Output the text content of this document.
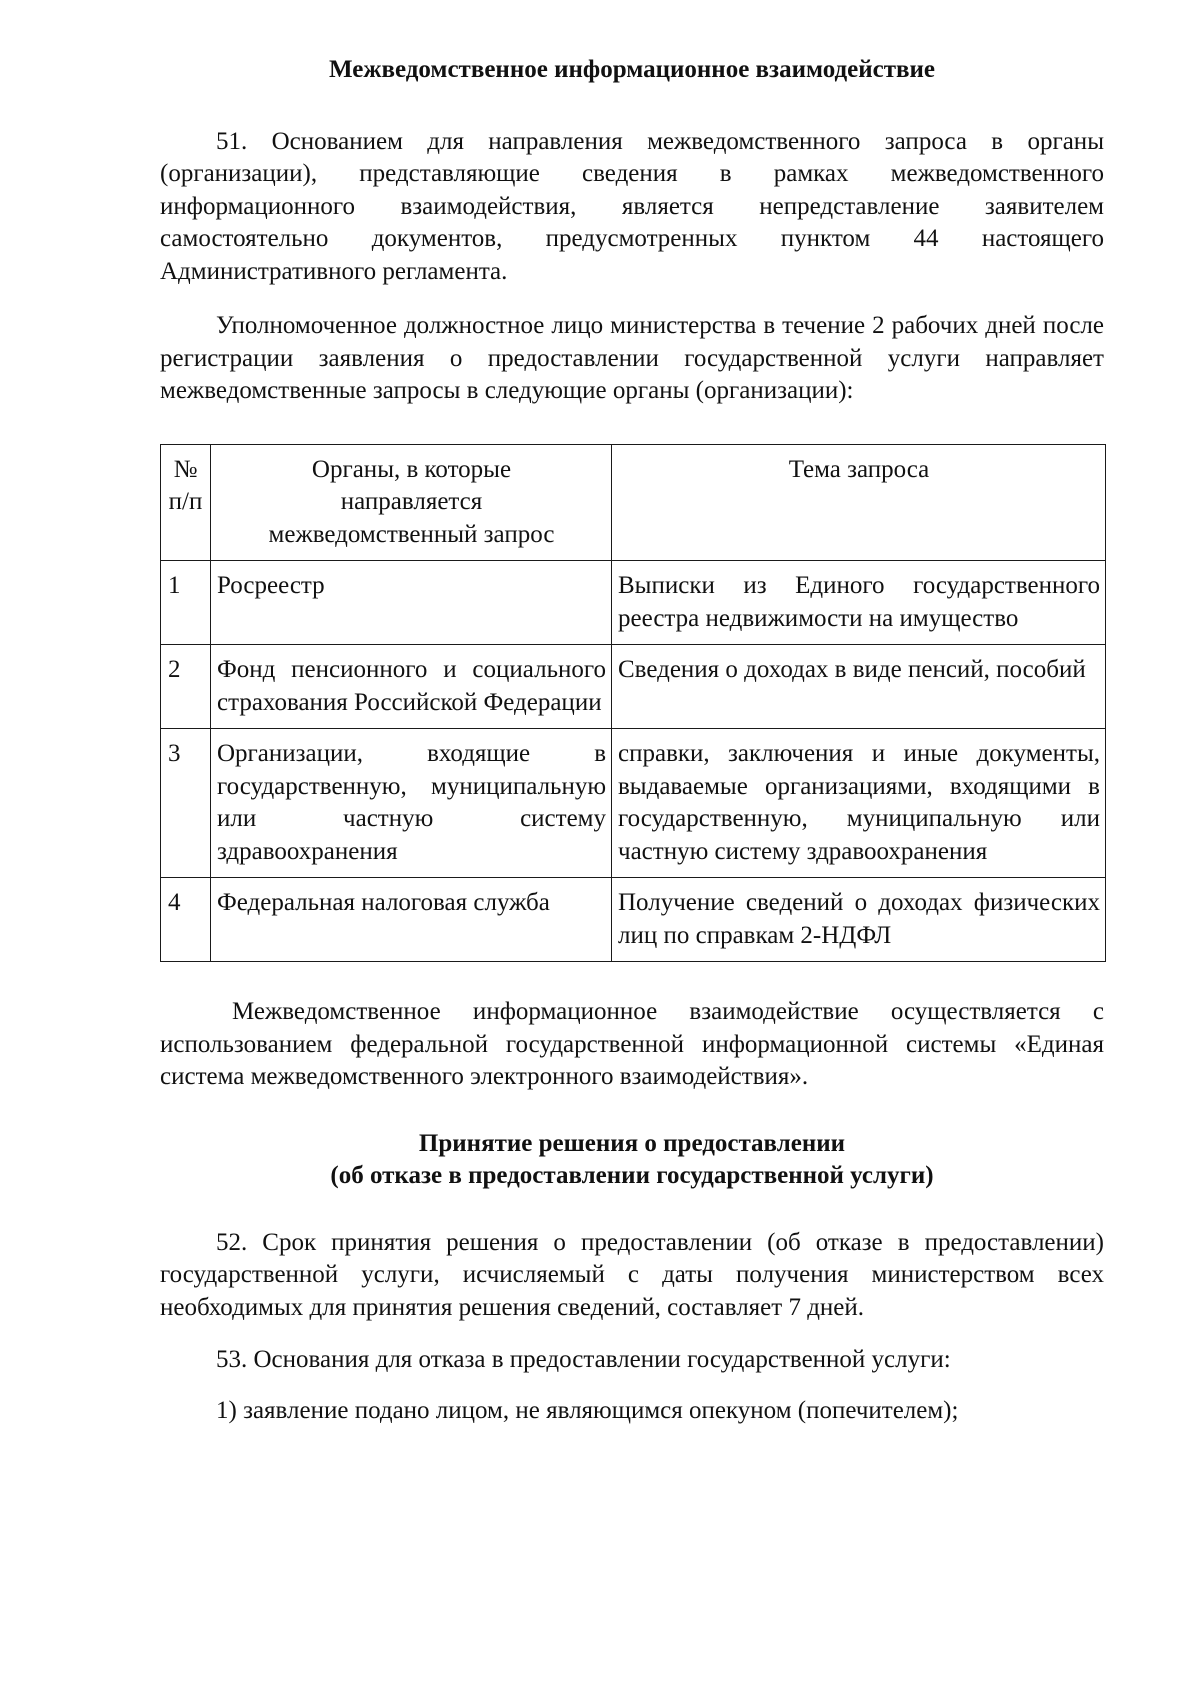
Межведомственное информационное взаимодействие

51. Основанием для направления межведомственного запроса в органы (организации), представляющие сведения в рамках межведомственного информационного взаимодействия, является непредставление заявителем самостоятельно документов, предусмотренных пунктом 44 настоящего Административного регламента.

Уполномоченное должностное лицо министерства в течение 2 рабочих дней после регистрации заявления о предоставлении государственной услуги направляет межведомственные запросы в следующие органы (организации):

№ п/п	Органы, в которые направляется межведомственный запрос	Тема запроса
1	Росреестр	Выписки из Единого государственного реестра недвижимости на имущество
2	Фонд пенсионного и социального страхования Российской Федерации	Сведения о доходах в виде пенсий, пособий
3	Организации, входящие в государственную, муниципальную или частную систему здравоохранения	справки, заключения и иные документы, выдаваемые организациями, входящими в государственную, муниципальную или частную систему здравоохранения
4	Федеральная налоговая служба	Получение сведений о доходах физических лиц по справкам 2-НДФЛ

Межведомственное информационное взаимодействие осуществляется с использованием федеральной государственной информационной системы «Единая система межведомственного электронного взаимодействия».

Принятие решения о предоставлении
(об отказе в предоставлении государственной услуги)

52. Срок принятия решения о предоставлении (об отказе в предоставлении) государственной услуги, исчисляемый с даты получения министерством всех необходимых для принятия решения сведений, составляет 7 дней.

53. Основания для отказа в предоставлении государственной услуги:

1) заявление подано лицом, не являющимся опекуном (попечителем);
